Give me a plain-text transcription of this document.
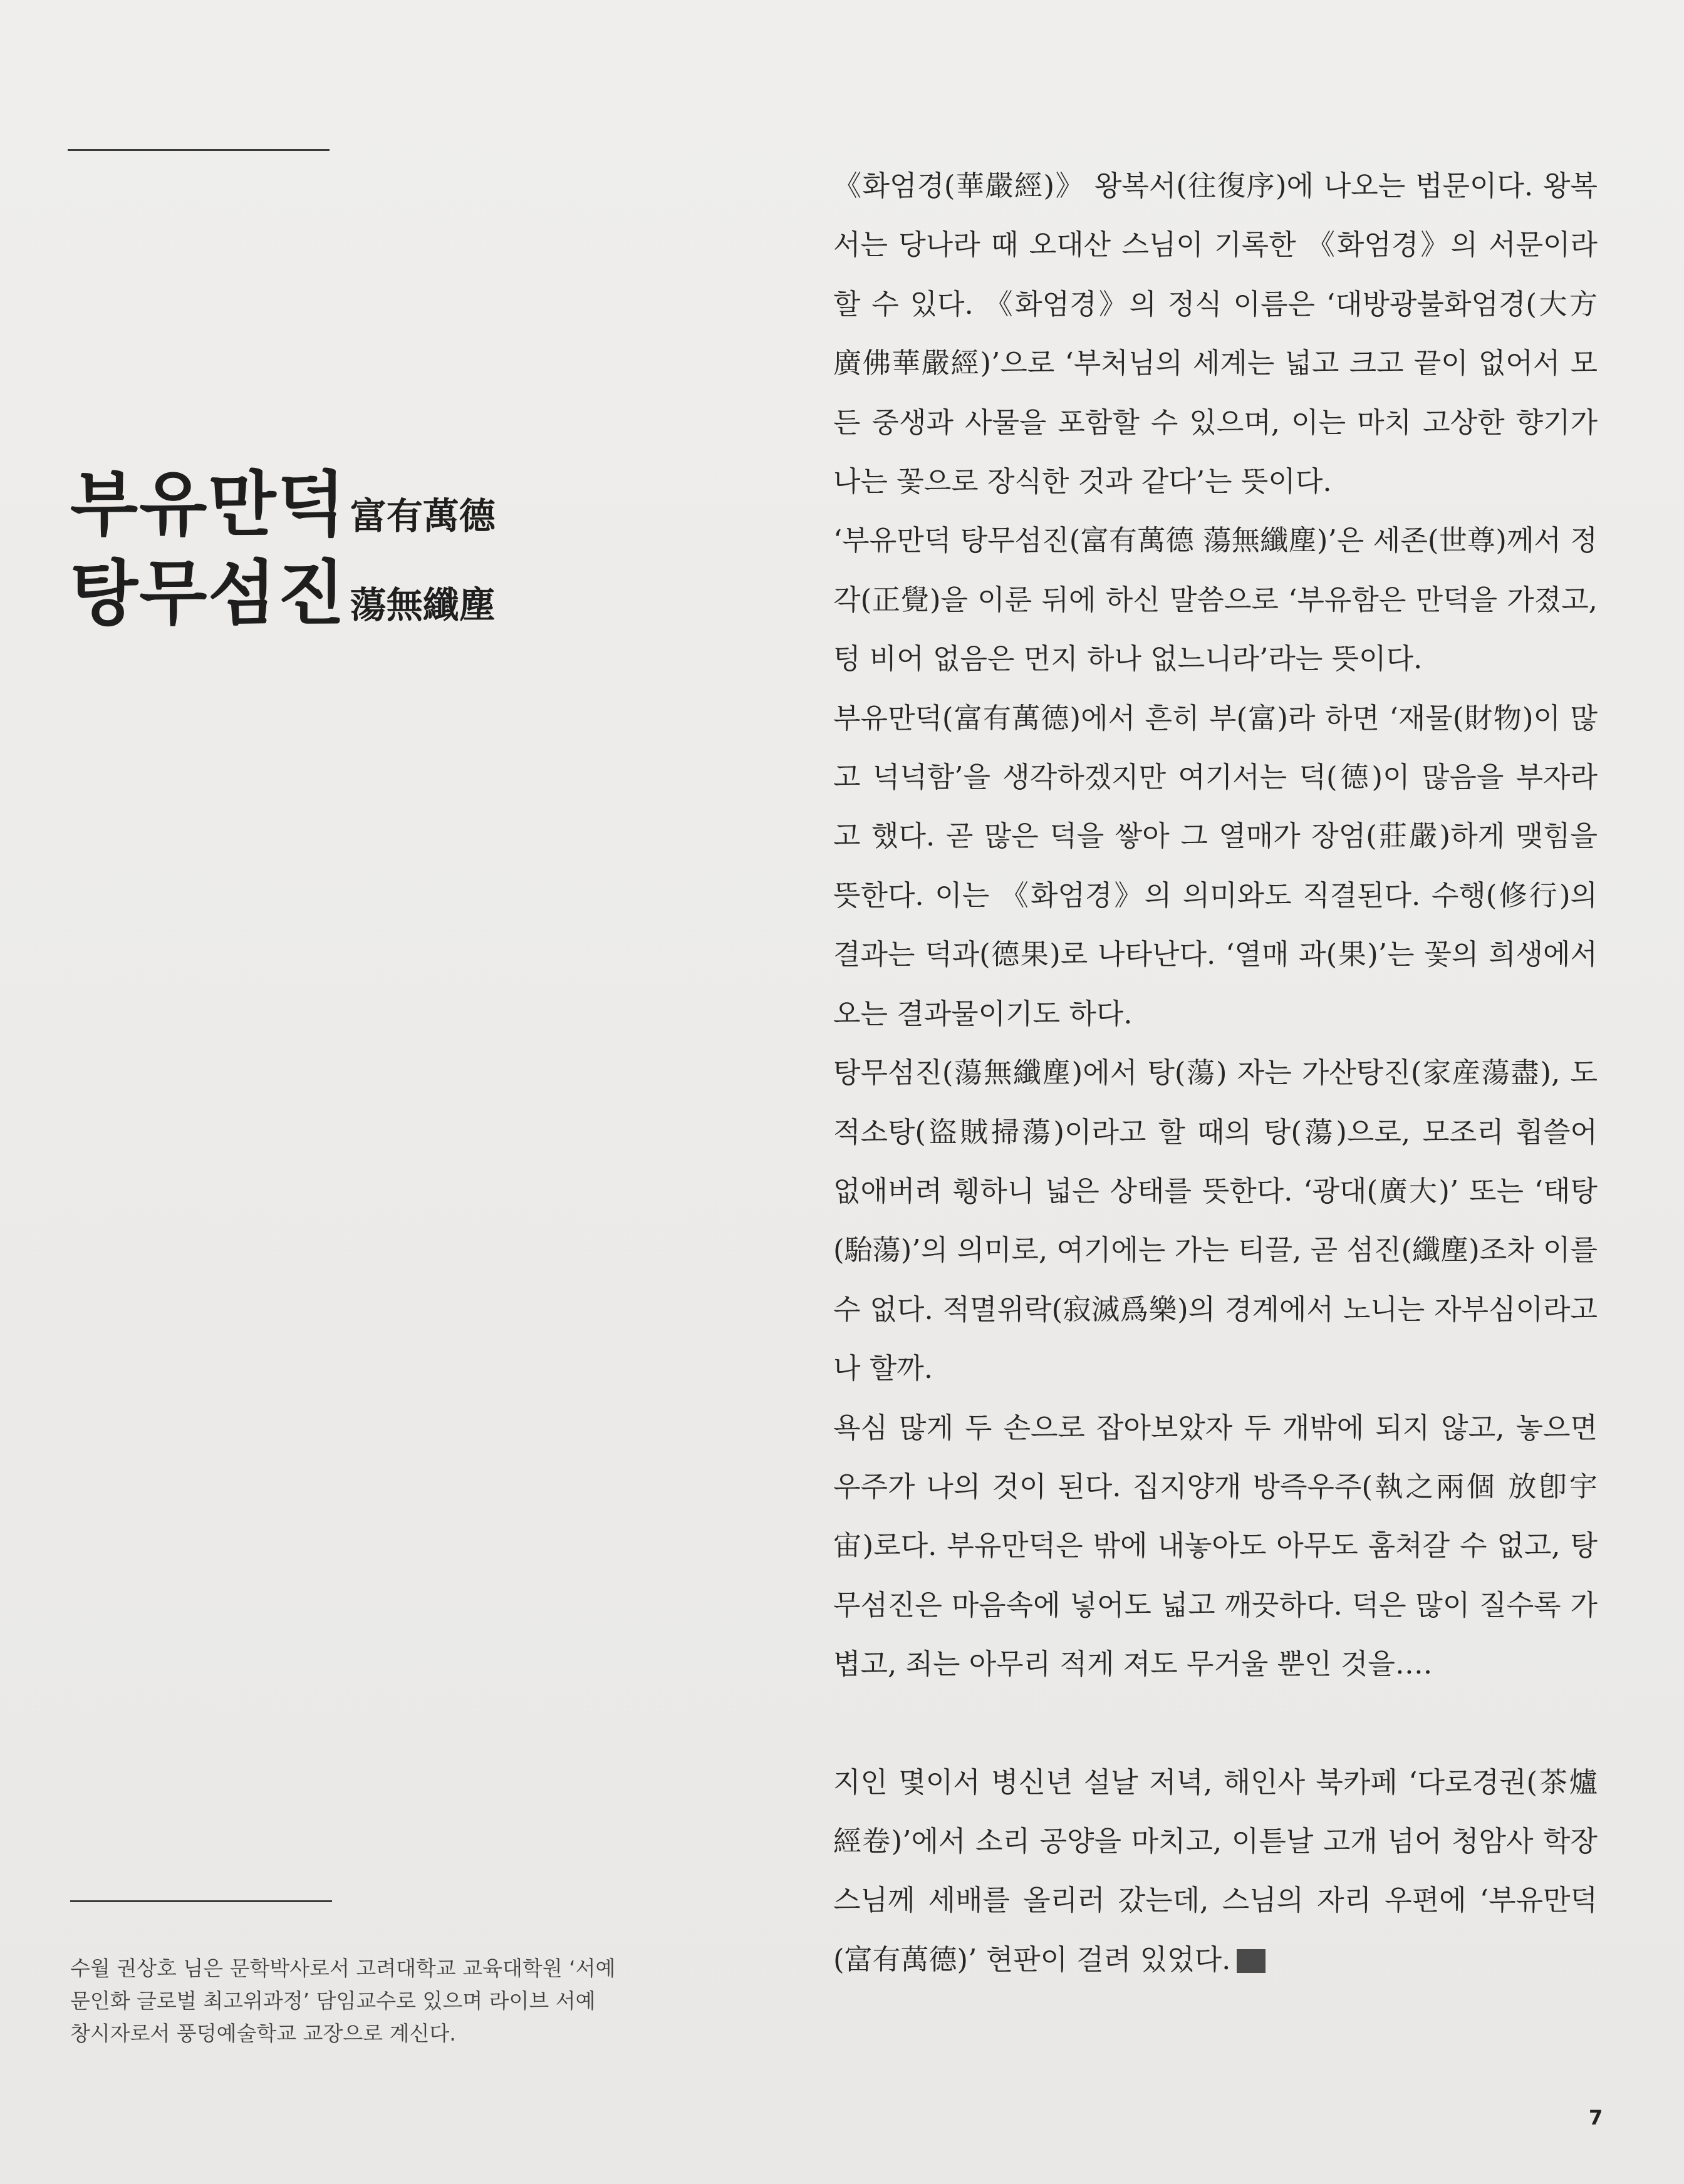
부유만덕 富有萬德
탕무섬진 蕩無纖塵

수월 권상호 님은 문학박사로서 고려대학교 교육대학원 ‘서예

문인화 글로벌 최고위과정’ 담임교수로 있으며 라이브 서예

창시자로서 풍덩예술학교 교장으로 계신다.

《화엄경(華嚴經)》 왕복서(往復序)에 나오는 법문이다. 왕복서는 당나라 때 오대산 스님이 기록한 《화엄경》의 서문이라 할 수 있다. 《화엄경》의 정식 이름은 ‘대방광불화엄경(大方廣佛華嚴經)’으로 ‘부처님의 세계는 넓고 크고 끝이 없어서 모든 중생과 사물을 포함할 수 있으며, 이는 마치 고상한 향기가 나는 꽃으로 장식한 것과 같다’는 뜻이다.

‘부유만덕 탕무섬진(富有萬德 蕩無纖塵)’은 세존(世尊)께서 정각(正覺)을 이룬 뒤에 하신 말씀으로 ‘부유함은 만덕을 가졌고, 텅 비어 없음은 먼지 하나 없느니라’라는 뜻이다.

부유만덕(富有萬德)에서 흔히 부(富)라 하면 ‘재물(財物)이 많고 넉넉함’을 생각하겠지만 여기서는 덕(德)이 많음을 부자라고 했다. 곧 많은 덕을 쌓아 그 열매가 장엄(莊嚴)하게 맺힘을 뜻한다. 이는 《화엄경》의 의미와도 직결된다. 수행(修行)의 결과는 덕과(德果)로 나타난다. ‘열매 과(果)’는 꽃의 희생에서 오는 결과물이기도 하다.

탕무섬진(蕩無纖塵)에서 탕(蕩) 자는 가산탕진(家産蕩盡), 도적소탕(盜賊掃蕩)이라고 할 때의 탕(蕩)으로, 모조리 휩쓸어 없애버려 휑하니 넓은 상태를 뜻한다. ‘광대(廣大)’ 또는 ‘태탕(駘蕩)’의 의미로, 여기에는 가는 티끌, 곧 섬진(纖塵)조차 이를 수 없다. 적멸위락(寂滅爲樂)의 경계에서 노니는 자부심이라고나 할까.

욕심 많게 두 손으로 잡아보았자 두 개밖에 되지 않고, 놓으면 우주가 나의 것이 된다. 집지양개 방즉우주(執之兩個 放卽宇宙)로다. 부유만덕은 밖에 내놓아도 아무도 훔쳐갈 수 없고, 탕무섬진은 마음속에 넣어도 넓고 깨끗하다. 덕은 많이 질수록 가볍고, 죄는 아무리 적게 져도 무거울 뿐인 것을….

지인 몇이서 병신년 설날 저녁, 해인사 북카페 ‘다로경권(茶爐經卷)’에서 소리 공양을 마치고, 이튿날 고개 넘어 청암사 학장스님께 세배를 올리러 갔는데, 스님의 자리 우편에 ‘부유만덕(富有萬德)’ 현판이 걸려 있었다.

7
